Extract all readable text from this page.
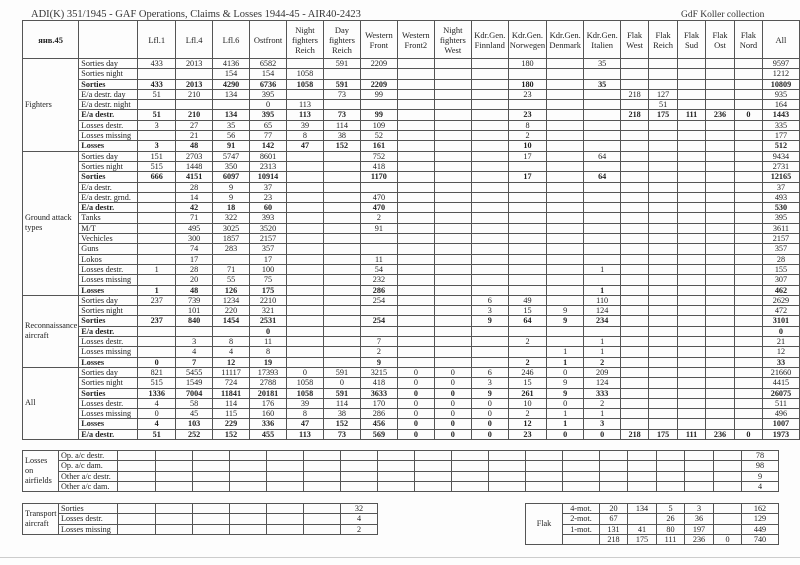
ADI(K) 351/1945 - GAF Operations, Claims & Losses 1944-45 - AIR40-2423	GdF Koller collection
янв.45		Lfl.1	Lfl.4	Lfl.6	Ostfront	Night fighters Reich	Day fighters Reich	Western Front	Western Front2	Night fighters West	Kdr.Gen. Finnland	Kdr.Gen. Norwegen	Kdr.Gen. Denmark	Kdr.Gen. Italien	Flak West	Flak Reich	Flak Sud	Flak Ost	Flak Nord	All
Fighters	Sorties day	433	2013	4136	6582		591	2209				180		35						9597
	Sorties night			154	154	1058														1212
	Sorties	433	2013	4290	6736	1058	591	2209				180		35						10809
	E/a destr. day	51	210	134	395		73	99				23			218	127				935
	E/a destr. night				0	113										51				164
	E/a destr.	51	210	134	395	113	73	99				23			218	175	111	236	0	1443
	Losses destr.	3	27	35	65	39	114	109				8								335
	Losses missing		21	56	77	8	38	52				2								177
	Losses	3	48	91	142	47	152	161				10								512
Ground attack types	Sorties day	151	2703	5747	8601			752				17		64						9434
	Sorties night	515	1448	350	2313			418												2731
	Sorties	666	4151	6097	10914			1170				17		64						12165
	E/a destr.		28	9	37															37
	E/a destr. grnd.		14	9	23			470												493
	E/a destr.		42	18	60			470												530
	Tanks		71	322	393			2												395
	M/T		495	3025	3520			91												3611
	Vechicles		300	1857	2157															2157
	Guns		74	283	357															357
	Lokos		17		17			11												28
	Losses destr.	1	28	71	100			54						1						155
	Losses missing		20	55	75			232												307
	Losses	1	48	126	175			286						1						462
Reconnaissance aircraft	Sorties day	237	739	1234	2210			254			6	49		110						2629
	Sorties night		101	220	321						3	15	9	124						472
	Sorties	237	840	1454	2531			254			9	64	9	234						3101
	E/a destr.				0															0
	Losses destr.		3	8	11			7				2		1						21
	Losses missing		4	4	8			2					1	1						12
	Losses	0	7	12	19			9				2	1	2						33
All	Sorties day	821	5455	11117	17393	0	591	3215	0	0	6	246	0	209						21660
	Sorties night	515	1549	724	2788	1058	0	418	0	0	3	15	9	124						4415
	Sorties	1336	7004	11841	20181	1058	591	3633	0	0	9	261	9	333						26075
	Losses destr.	4	58	114	176	39	114	170	0	0	0	10	0	2						511
	Losses missing	0	45	115	160	8	38	286	0	0	0	2	1	1						496
	Losses	4	103	229	336	47	152	456	0	0	0	12	1	3						1007
	E/a destr.	51	252	152	455	113	73	569	0	0	0	23	0	0	218	175	111	236	0	1973
Losses on airfields	Op. a/c destr.																			78
	Op. a/c dam.																			98
	Other a/c destr.																			9
	Other a/c dam.																			4
Transport aircraft	Sorties							32
	Losses destr.							4
	Losses missing							2
Flak	4-mot.	20	134	5	3		162
	2-mot.	67		26	36		129
	1-mot.	131	41	80	197		449
		218	175	111	236	0	740
